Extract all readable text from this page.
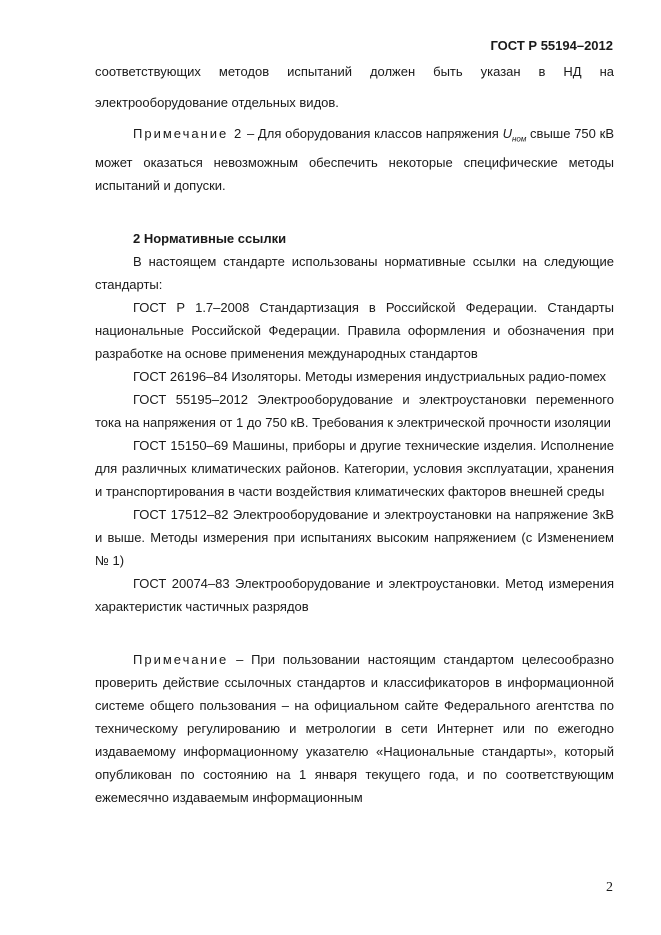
ГОСТ Р 55194–2012

соответствующих методов испытаний должен быть указан в НД на

электрооборудование отдельных видов.

Примечание 2 – Для оборудования классов напряжения $U_{ном}$ свыше 750 кВ может оказаться невозможным обеспечить некоторые специфические методы испытаний и допуски.

2 Нормативные ссылки

В настоящем стандарте использованы нормативные ссылки на следующие стандарты:

ГОСТ Р 1.7–2008 Стандартизация в Российской Федерации. Стандарты национальные Российской Федерации. Правила оформления и обозначения при разработке на основе применения международных стандартов

ГОСТ 26196–84 Изоляторы. Методы измерения индустриальных радио-помех

ГОСТ 55195–2012 Электрооборудование и электроустановки переменного тока на напряжения от 1 до 750 кВ. Требования к электрической прочности изоляции

ГОСТ 15150–69 Машины, приборы и другие технические изделия. Исполнение для различных климатических районов. Категории, условия эксплуатации, хранения и транспортирования в части воздействия климатических факторов внешней среды

ГОСТ 17512–82 Электрооборудование и электроустановки на напряжение 3кВ и выше. Методы измерения при испытаниях высоким напряжением (с Изменением № 1)

ГОСТ 20074–83 Электрооборудование и электроустановки. Метод измерения характеристик частичных разрядов

Примечание – При пользовании настоящим стандартом целесообразно проверить действие ссылочных стандартов и классификаторов в информационной системе общего пользования – на официальном сайте Федерального агентства по техническому регулированию и метрологии в сети Интернет или по ежегодно издаваемому информационному указателю «Национальные стандарты», который опубликован по состоянию на 1 января текущего года, и по соответствующим ежемесячно издаваемым информационным

2
